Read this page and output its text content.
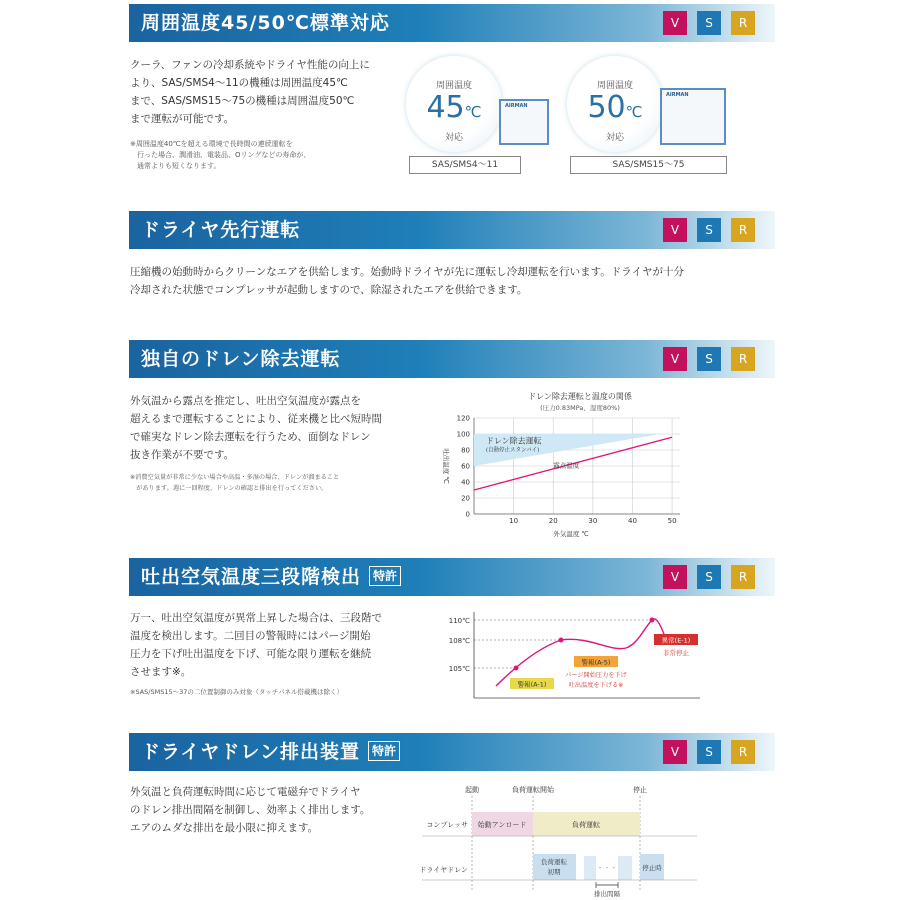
周囲温度45/50℃標準対応	V S R
クーラ、ファンの冷却系統やドライヤ性能の向上に
より、SAS/SMS4～11の機種は周囲温度45℃
まで、SAS/SMS15～75の機種は周囲温度50℃
まで運転が可能です。
※周囲温度40℃を超える環境で長時間の連続運転を
　行った場合、潤滑油、電装品、Oリングなどの寿命が、
　通常よりも短くなります。
周囲温度
45℃
対応
AIRMAN
SAS/SMS4～11
周囲温度
50℃
対応
AIRMAN
SAS/SMS15～75
ドライヤ先行運転	V S R
圧縮機の始動時からクリーンなエアを供給します。始動時ドライヤが先に運転し冷却運転を行います。ドライヤが十分
冷却された状態でコンプレッサが起動しますので、除湿されたエアを供給できます。
独自のドレン除去運転	V S R
外気温から露点を推定し、吐出空気温度が露点を
超えるまで運転することにより、従来機と比べ短時間
で確実なドレン除去運転を行うため、面倒なドレン
抜き作業が不要です。
※消費空気量が非常に少ない場合や高温・多湿の場合、ドレンが溜まること
　があります。週に一回程度、ドレンの確認と排出を行ってください。
ドレン除去運転と温度の関係
(圧力0.83MPa、湿度80%)
ドレン除去運転
(自動停止スタンバイ)
露点温度
10	20	30	40	50
0
20
40
60
80
100
120
外気温度 ℃
吐出温度 ℃
吐出空気温度三段階検出 特許	V S R
万一、吐出空気温度が異常上昇した場合は、三段階で
温度を検出します。二回目の警報時にはパージ開始
圧力を下げ吐出温度を下げ、可能な限り運転を継続
させます※。
※SAS/SMS15～37の二位置制御のみ対象（タッチパネル搭載機は除く）
110℃
108℃
105℃
警報(A-1)
警報(A-5)
パージ開始圧力を下げ
吐出温度を下げる※
異常(E-1)
非常停止
ドライヤドレン排出装置 特許	V S R
外気温と負荷運転時間に応じて電磁弁でドライヤ
のドレン排出間隔を制御し、効率よく排出します。
エアのムダな排出を最小限に抑えます。
起動	負荷運転開始	停止
コンプレッサ 始動アンロード	負荷運転
ドライヤドレン
負荷運転
初期	・・・	停止時
排出間隔
